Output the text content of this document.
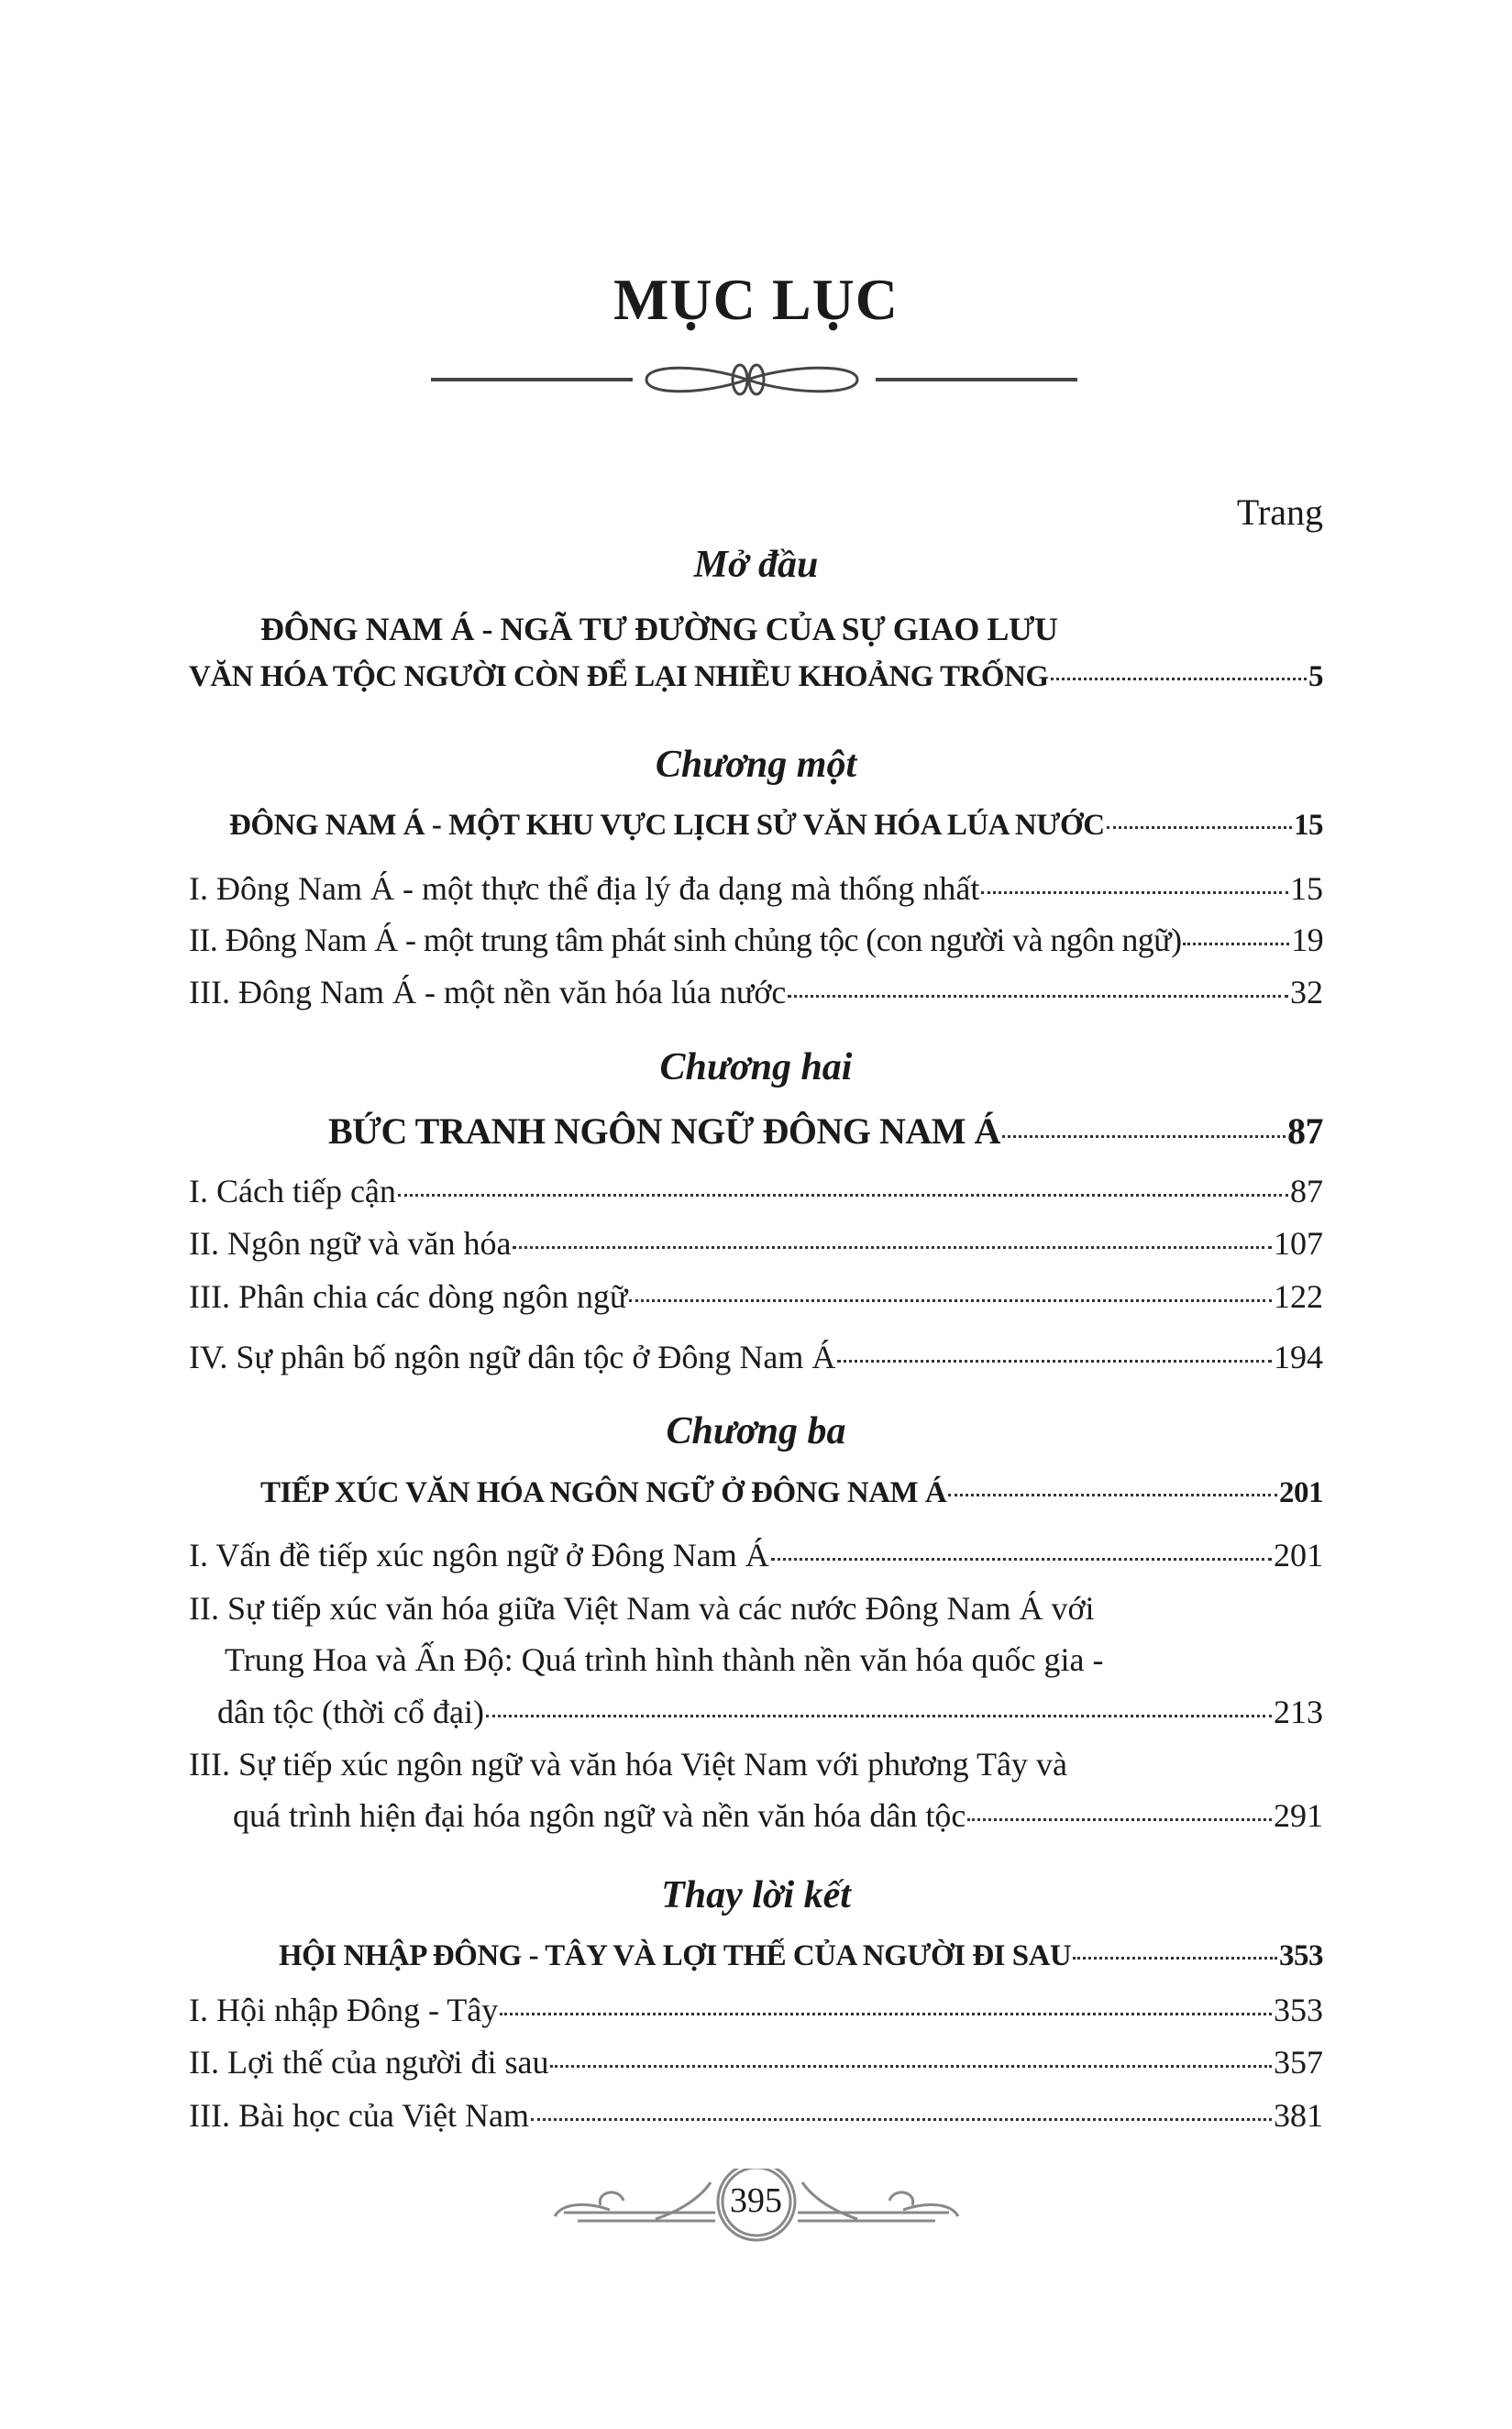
MỤC LỤC
Trang
Mở đầu
ĐÔNG NAM Á - NGÃ TƯ ĐƯỜNG CỦA SỰ GIAO LƯU
VĂN HÓA TỘC NGƯỜI CÒN ĐỂ LẠI NHIỀU KHOẢNG TRỐNG	5
Chương một
ĐÔNG NAM Á - MỘT KHU VỰC LỊCH SỬ VĂN HÓA LÚA NƯỚC	15
I. Đông Nam Á - một thực thể địa lý đa dạng mà thống nhất	15
II. Đông Nam Á - một trung tâm phát sinh chủng tộc (con người và ngôn ngữ)	19
III. Đông Nam Á - một nền văn hóa lúa nước	32
Chương hai
BỨC TRANH NGÔN NGỮ ĐÔNG NAM Á	87
I. Cách tiếp cận	87
II. Ngôn ngữ và văn hóa	107
III. Phân chia các dòng ngôn ngữ	122
IV. Sự phân bố ngôn ngữ dân tộc ở Đông Nam Á	194
Chương ba
TIẾP XÚC VĂN HÓA NGÔN NGỮ Ở ĐÔNG NAM Á	201
I. Vấn đề tiếp xúc ngôn ngữ ở Đông Nam Á	201
II. Sự tiếp xúc văn hóa giữa Việt Nam và các nước Đông Nam Á với
Trung Hoa và Ấn Độ: Quá trình hình thành nền văn hóa quốc gia -
dân tộc (thời cổ đại)	213
III. Sự tiếp xúc ngôn ngữ và văn hóa Việt Nam với phương Tây và
quá trình hiện đại hóa ngôn ngữ và nền văn hóa dân tộc	291
Thay lời kết
HỘI NHẬP ĐÔNG - TÂY VÀ LỢI THẾ CỦA NGƯỜI ĐI SAU	353
I. Hội nhập Đông - Tây	353
II. Lợi thế của người đi sau	357
III. Bài học của Việt Nam	381
395
